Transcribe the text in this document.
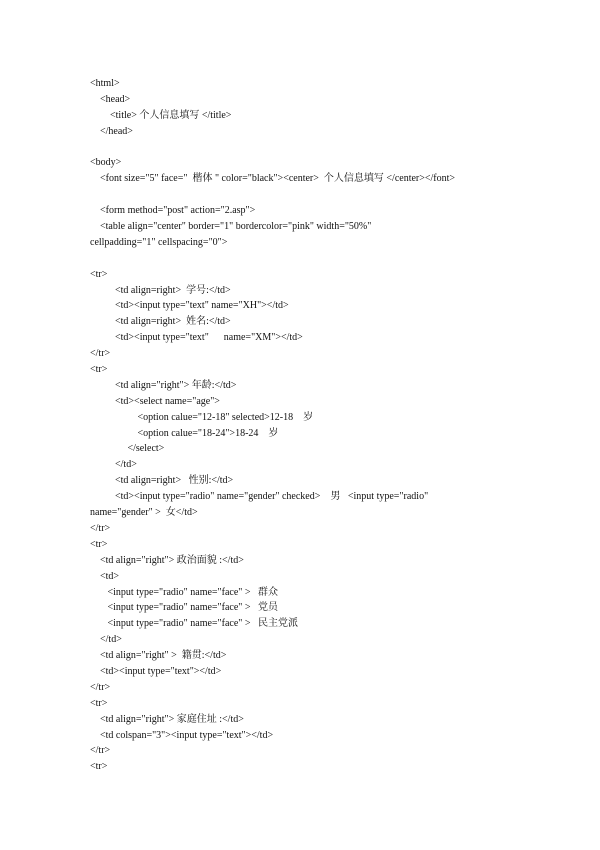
<html>
<head>
<title> 个人信息填写 </title>
</head>
<body>
<font size="5" face="  楷体 " color="black"><center>  个人信息填写 </center></font>
<form method="post" action="2.asp">
<table align="center" border="1" bordercolor="pink" width="50%"
cellpadding="1" cellspacing="0">
<tr>
<td align=right>  学号:</td>
<td><input type="text" name="XH"></td>
<td align=right>  姓名:</td>
<td><input type="text"      name="XM"></td>
</tr>
<tr>
<td align="right"> 年龄:</td>
<td><select name="age">
<option calue="12-18" selected>12-18    岁
<option calue="18-24">18-24    岁
</select>
</td>
<td align=right>   性别:</td>
<td><input type="radio" name="gender" checked>    男   <input type="radio"
name="gender" >  女</td>
</tr>
<tr>
<td align="right"> 政治面貌 :</td>
<td>
<input type="radio" name="face" >   群众
<input type="radio" name="face" >   党员
<input type="radio" name="face" >   民主党派
</td>
<td align="right" >  籍贯:</td>
<td><input type="text"></td>
</tr>
<tr>
<td align="right"> 家庭住址 :</td>
<td colspan="3"><input type="text"></td>
</tr>
<tr>
